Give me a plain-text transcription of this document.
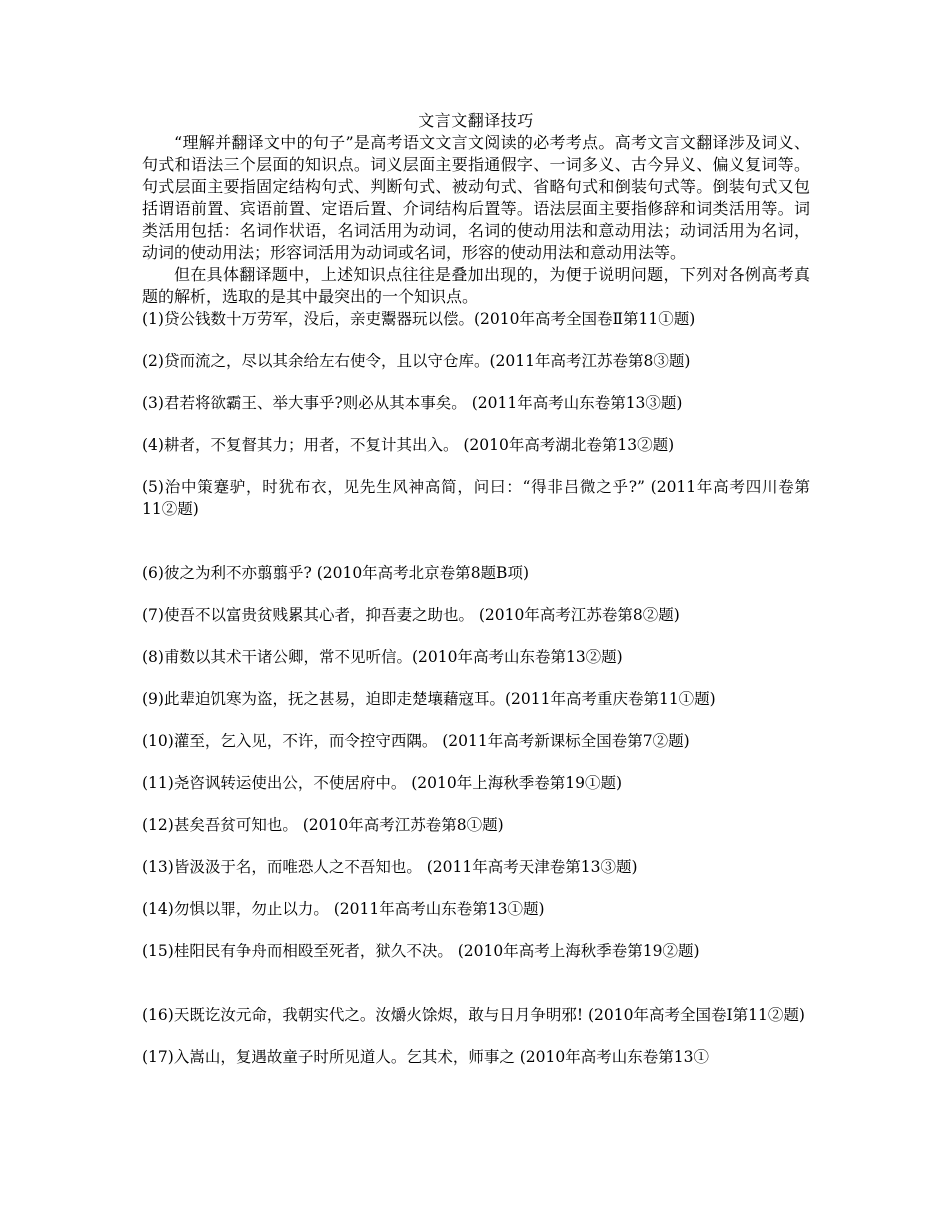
文言文翻译技巧

“理解并翻译文中的句子”是高考语文文言文阅读的必考考点。高考文言文翻译涉及词义、句式和语法三个层面的知识点。词义层面主要指通假字、一词多义、古今异义、偏义复词等。句式层面主要指固定结构句式、判断句式、被动句式、省略句式和倒装句式等。倒装句式又包括谓语前置、宾语前置、定语后置、介词结构后置等。语法层面主要指修辞和词类活用等。词类活用包括：名词作状语，名词活用为动词，名词的使动用法和意动用法；动词活用为名词，动词的使动用法；形容词活用为动词或名词，形容的使动用法和意动用法等。

但在具体翻译题中，上述知识点往往是叠加出现的，为便于说明问题，下列对各例高考真题的解析，选取的是其中最突出的一个知识点。

(1)贷公钱数十万劳军，没后，亲吏鬻器玩以偿。(2010年高考全国卷Ⅱ第11①题)

(2)贷而流之，尽以其余给左右使令，且以守仓库。(2011年高考江苏卷第8③题)

(3)君若将欲霸王、举大事乎?则必从其本事矣。 (2011年高考山东卷第13③题)

(4)耕者，不复督其力；用者，不复计其出入。 (2010年高考湖北卷第13②题)

(5)治中策蹇驴，时犹布衣，见先生风神高简，问曰：“得非吕微之乎?” (2011年高考四川卷第11②题)

(6)彼之为利不亦翦翦乎? (2010年高考北京卷第8题B项)

(7)使吾不以富贵贫贱累其心者，抑吾妻之助也。 (2010年高考江苏卷第8②题)

(8)甫数以其术干诸公卿，常不见听信。(2010年高考山东卷第13②题)

(9)此辈迫饥寒为盗，抚之甚易，迫即走楚壤藉寇耳。(2011年高考重庆卷第11①题)

(10)灌至，乞入见，不许，而令控守西隅。 (2011年高考新课标全国卷第7②题)

(11)尧咨讽转运使出公，不使居府中。 (2010年上海秋季卷第19①题)

(12)甚矣吾贫可知也。 (2010年高考江苏卷第8①题)

(13)皆汲汲于名，而唯恐人之不吾知也。 (2011年高考天津卷第13③题)

(14)勿惧以罪，勿止以力。 (2011年高考山东卷第13①题)

(15)桂阳民有争舟而相殴至死者，狱久不决。 (2010年高考上海秋季卷第19②题)

(16)天既讫汝元命，我朝实代之。汝爝火馀烬，敢与日月争明邪! (2010年高考全国卷I第11②题)

(17)入嵩山，复遇故童子时所见道人。乞其术，师事之 (2010年高考山东卷第13①
